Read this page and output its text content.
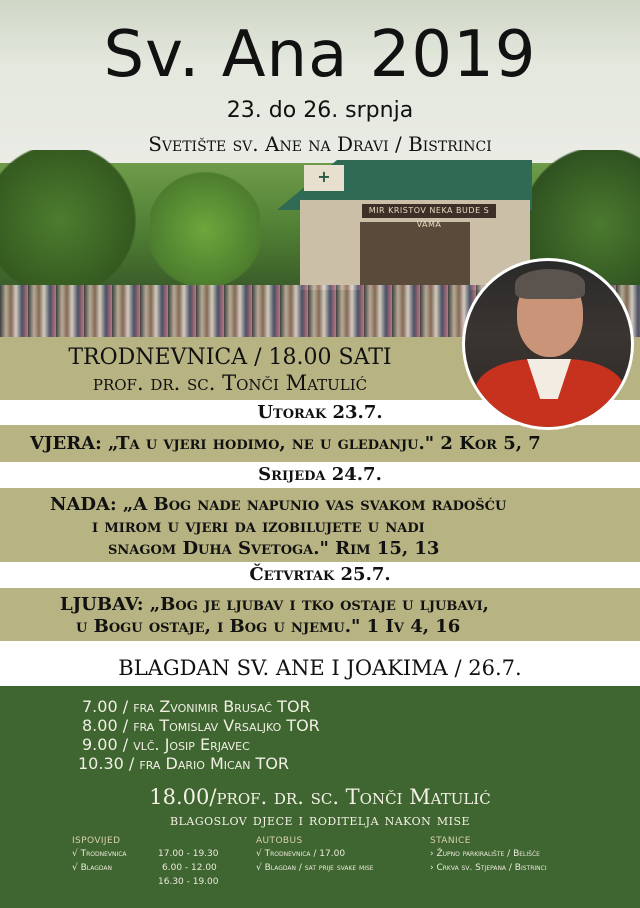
Sv. Ana 2019
23. do 26. srpnja
Svetište sv. Ane na Dravi / Bistrinci
MIR KRISTOV NEKA BUDE S VAMA
+
TRODNEVNICA / 18.00 SATI
prof. dr. sc. Tonči Matulić
Utorak 23.7.
VJERA: „Ta u vjeri hodimo, ne u gledanju." 2 Kor 5, 7
Srijeda 24.7.
NADA: „A Bog nade napunio vas svakom radošću
i mirom u vjeri da izobilujete u nadi
snagom Duha Svetoga." Rim 15, 13
Četvrtak 25.7.
LJUBAV: „Bog je ljubav i tko ostaje u ljubavi,
u Bogu ostaje, i Bog u njemu." 1 Iv 4, 16
BLAGDAN SV. ANE I JOAKIMA / 26.7.
7.00 / fra Zvonimir Brusač TOR
8.00 / fra Tomislav Vrsaljko TOR
9.00 / vlč. Josip Erjavec
10.30 / fra Dario Mican TOR
18.00/prof. dr. sc. Tonči Matulić
blagoslov djece i roditelja nakon mise
ISPOVIJED
√ Trodnevnica	17.00 - 19.30
√ Blagdan	6.00 - 12.00
16.30 - 19.00
AUTOBUS
√ Trodnevnica / 17.00
√ Blagdan / sat prije svake mise
STANICE
› Župno parkiralište / Belišće
› Crkva sv. Stjepana / Bistrinci
